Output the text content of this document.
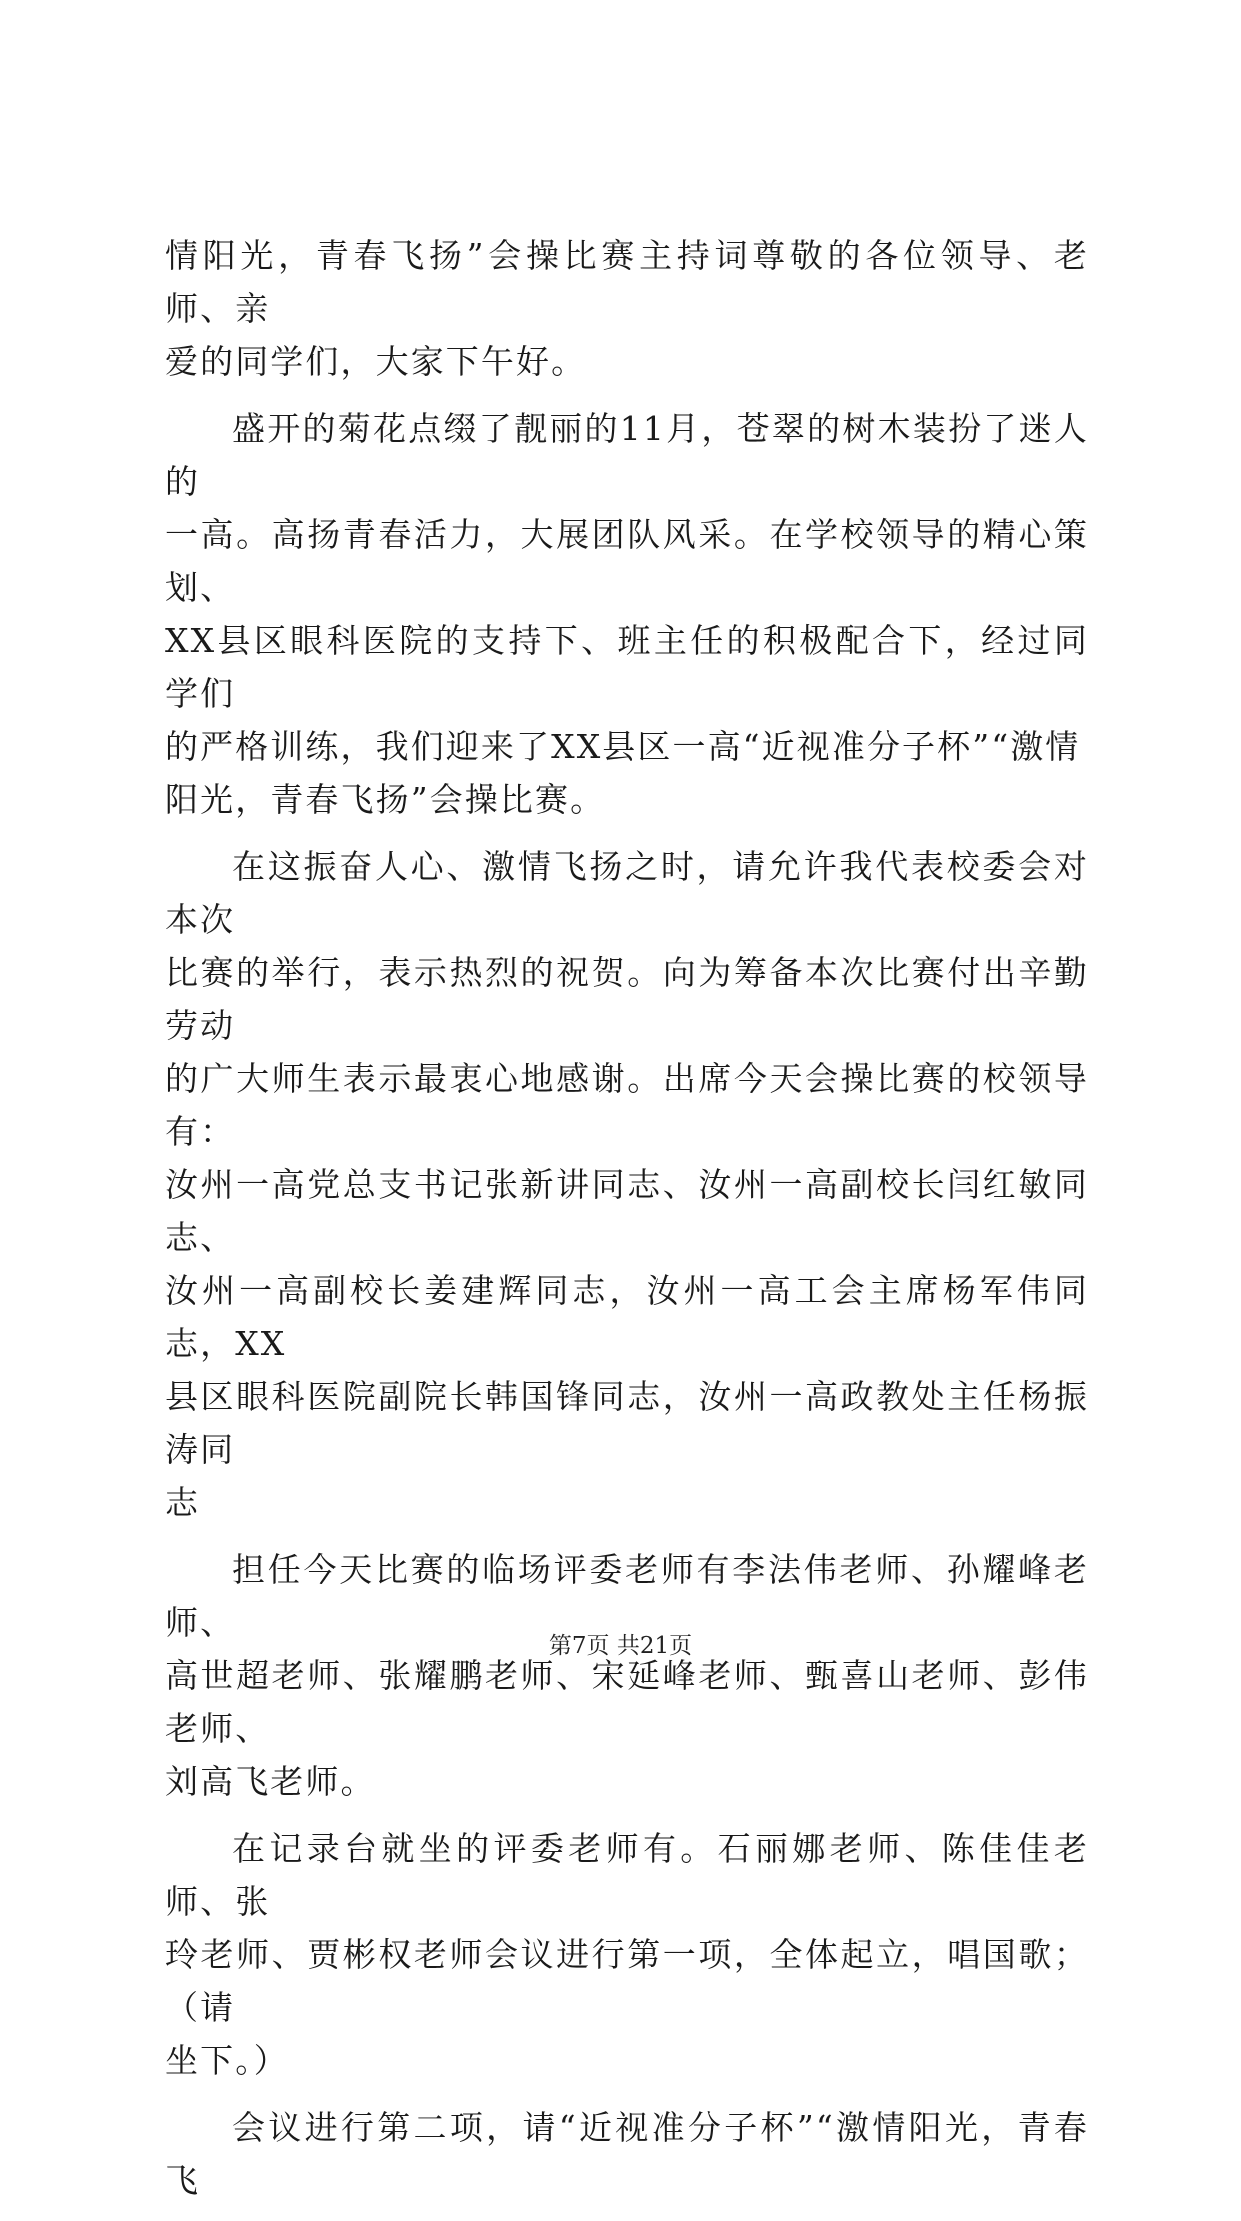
情阳光，青春飞扬”会操比赛主持词尊敬的各位领导、老师、亲
爱的同学们，大家下午好。

盛开的菊花点缀了靓丽的11月，苍翠的树木装扮了迷人的
一高。高扬青春活力，大展团队风采。在学校领导的精心策划、
XX县区眼科医院的支持下、班主任的积极配合下，经过同学们
的严格训练，我们迎来了XX县区一高“近视准分子杯”“激情
阳光，青春飞扬”会操比赛。

在这振奋人心、激情飞扬之时，请允许我代表校委会对本次
比赛的举行，表示热烈的祝贺。向为筹备本次比赛付出辛勤劳动
的广大师生表示最衷心地感谢。出席今天会操比赛的校领导有：
汝州一高党总支书记张新讲同志、汝州一高副校长闫红敏同志、
汝州一高副校长姜建辉同志，汝州一高工会主席杨军伟同志，XX
县区眼科医院副院长韩国锋同志，汝州一高政教处主任杨振涛同
志

担任今天比赛的临场评委老师有李法伟老师、孙耀峰老师、
高世超老师、张耀鹏老师、宋延峰老师、甄喜山老师、彭伟老师、
刘高飞老师。

在记录台就坐的评委老师有。石丽娜老师、陈佳佳老师、张
玲老师、贾彬权老师会议进行第一项，全体起立，唱国歌；（请
坐下。）

会议进行第二项，请“近视准分子杯”“激情阳光，青春飞

第7页 共21页
